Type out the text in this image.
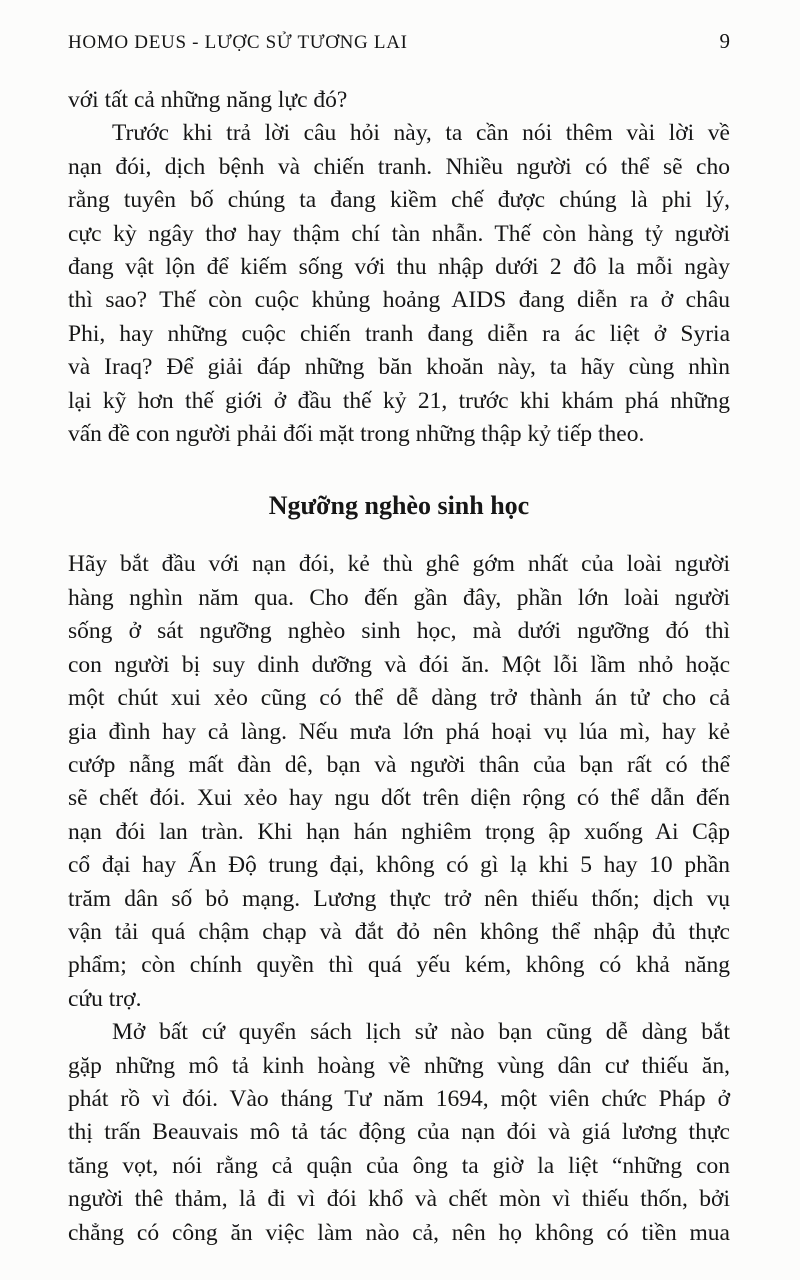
HOMO DEUS - LƯỢC SỬ TƯƠNG LAI	9
với tất cả những năng lực đó?
Trước khi trả lời câu hỏi này, ta cần nói thêm vài lời về
nạn đói, dịch bệnh và chiến tranh. Nhiều người có thể sẽ cho
rằng tuyên bố chúng ta đang kiềm chế được chúng là phi lý,
cực kỳ ngây thơ hay thậm chí tàn nhẫn. Thế còn hàng tỷ người
đang vật lộn để kiếm sống với thu nhập dưới 2 đô la mỗi ngày
thì sao? Thế còn cuộc khủng hoảng AIDS đang diễn ra ở châu
Phi, hay những cuộc chiến tranh đang diễn ra ác liệt ở Syria
và Iraq? Để giải đáp những băn khoăn này, ta hãy cùng nhìn
lại kỹ hơn thế giới ở đầu thế kỷ 21, trước khi khám phá những
vấn đề con người phải đối mặt trong những thập kỷ tiếp theo.
Ngưỡng nghèo sinh học
Hãy bắt đầu với nạn đói, kẻ thù ghê gớm nhất của loài người
hàng nghìn năm qua. Cho đến gần đây, phần lớn loài người
sống ở sát ngưỡng nghèo sinh học, mà dưới ngưỡng đó thì
con người bị suy dinh dưỡng và đói ăn. Một lỗi lầm nhỏ hoặc
một chút xui xẻo cũng có thể dễ dàng trở thành án tử cho cả
gia đình hay cả làng. Nếu mưa lớn phá hoại vụ lúa mì, hay kẻ
cướp nẫng mất đàn dê, bạn và người thân của bạn rất có thể
sẽ chết đói. Xui xẻo hay ngu dốt trên diện rộng có thể dẫn đến
nạn đói lan tràn. Khi hạn hán nghiêm trọng ập xuống Ai Cập
cổ đại hay Ấn Độ trung đại, không có gì lạ khi 5 hay 10 phần
trăm dân số bỏ mạng. Lương thực trở nên thiếu thốn; dịch vụ
vận tải quá chậm chạp và đắt đỏ nên không thể nhập đủ thực
phẩm; còn chính quyền thì quá yếu kém, không có khả năng
cứu trợ.
Mở bất cứ quyển sách lịch sử nào bạn cũng dễ dàng bắt
gặp những mô tả kinh hoàng về những vùng dân cư thiếu ăn,
phát rồ vì đói. Vào tháng Tư năm 1694, một viên chức Pháp ở
thị trấn Beauvais mô tả tác động của nạn đói và giá lương thực
tăng vọt, nói rằng cả quận của ông ta giờ la liệt “những con
người thê thảm, lả đi vì đói khổ và chết mòn vì thiếu thốn, bởi
chẳng có công ăn việc làm nào cả, nên họ không có tiền mua
